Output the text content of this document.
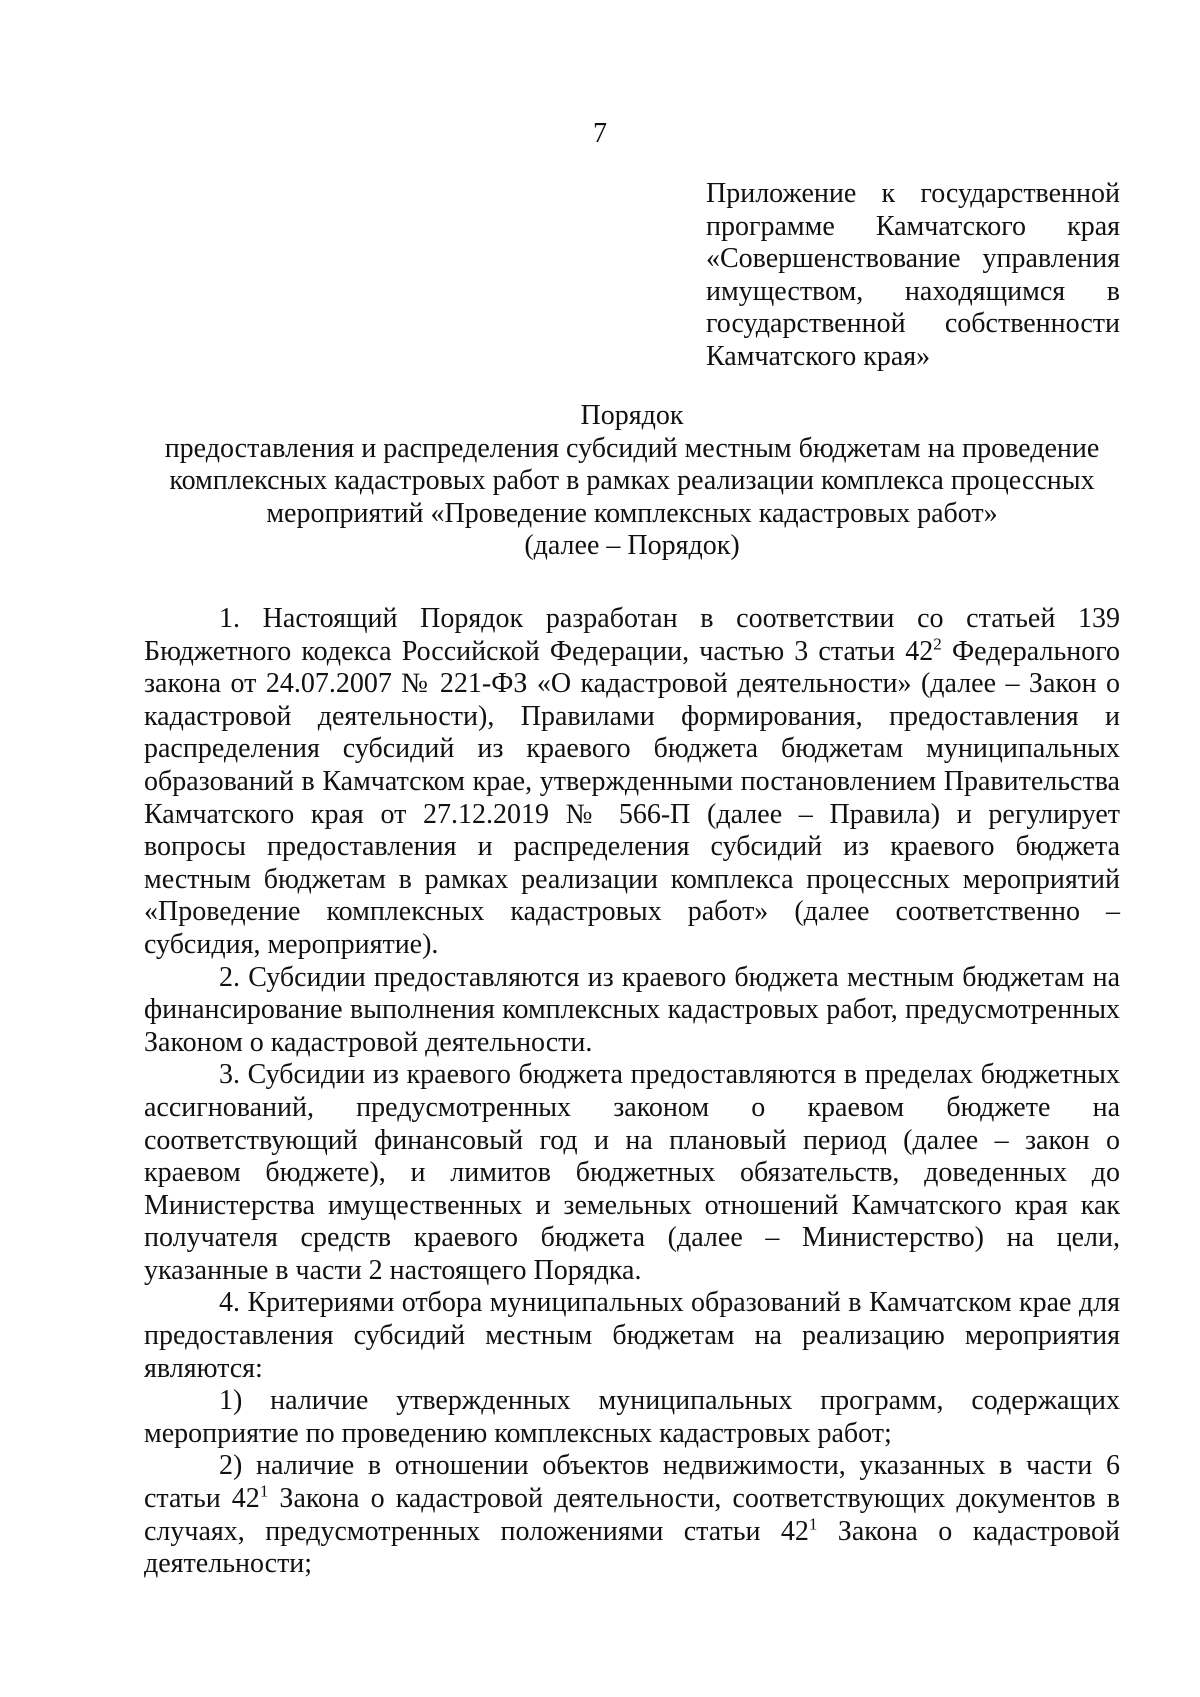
7
Приложение к государственной
программе Камчатского края
«Совершенствование управления
имуществом, находящимся в
государственной собственности
Камчатского края»
Порядок
предоставления и распределения субсидий местным бюджетам на проведение
комплексных кадастровых работ в рамках реализации комплекса процессных
мероприятий «Проведение комплексных кадастровых работ»
(далее – Порядок)

1. Настоящий Порядок разработан в соответствии со статьей 139 Бюджетного кодекса Российской Федерации, частью 3 статьи $42^2$ Федерального закона от 24.07.2007 № 221-ФЗ «О кадастровой деятельности» (далее – Закон о кадастровой деятельности), Правилами формирования, предоставления и распределения субсидий из краевого бюджета бюджетам муниципальных образований в Камчатском крае, утвержденными постановлением Правительства Камчатского края от 27.12.2019 № 566-П (далее – Правила) и регулирует вопросы предоставления и распределения субсидий из краевого бюджета местным бюджетам в рамках реализации комплекса процессных мероприятий «Проведение комплексных кадастровых работ» (далее соответственно – субсидия, мероприятие).

2. Субсидии предоставляются из краевого бюджета местным бюджетам на финансирование выполнения комплексных кадастровых работ, предусмотренных Законом о кадастровой деятельности.

3. Субсидии из краевого бюджета предоставляются в пределах бюджетных ассигнований, предусмотренных законом о краевом бюджете на соответствующий финансовый год и на плановый период (далее – закон о краевом бюджете), и лимитов бюджетных обязательств, доведенных до Министерства имущественных и земельных отношений Камчатского края как получателя средств краевого бюджета (далее – Министерство) на цели, указанные в части 2 настоящего Порядка.

4. Критериями отбора муниципальных образований в Камчатском крае для предоставления субсидий местным бюджетам на реализацию мероприятия являются:

1) наличие утвержденных муниципальных программ, содержащих мероприятие по проведению комплексных кадастровых работ;

2) наличие в отношении объектов недвижимости, указанных в части 6 статьи $42^1$ Закона о кадастровой деятельности, соответствующих документов в случаях, предусмотренных положениями статьи $42^1$ Закона о кадастровой деятельности;
